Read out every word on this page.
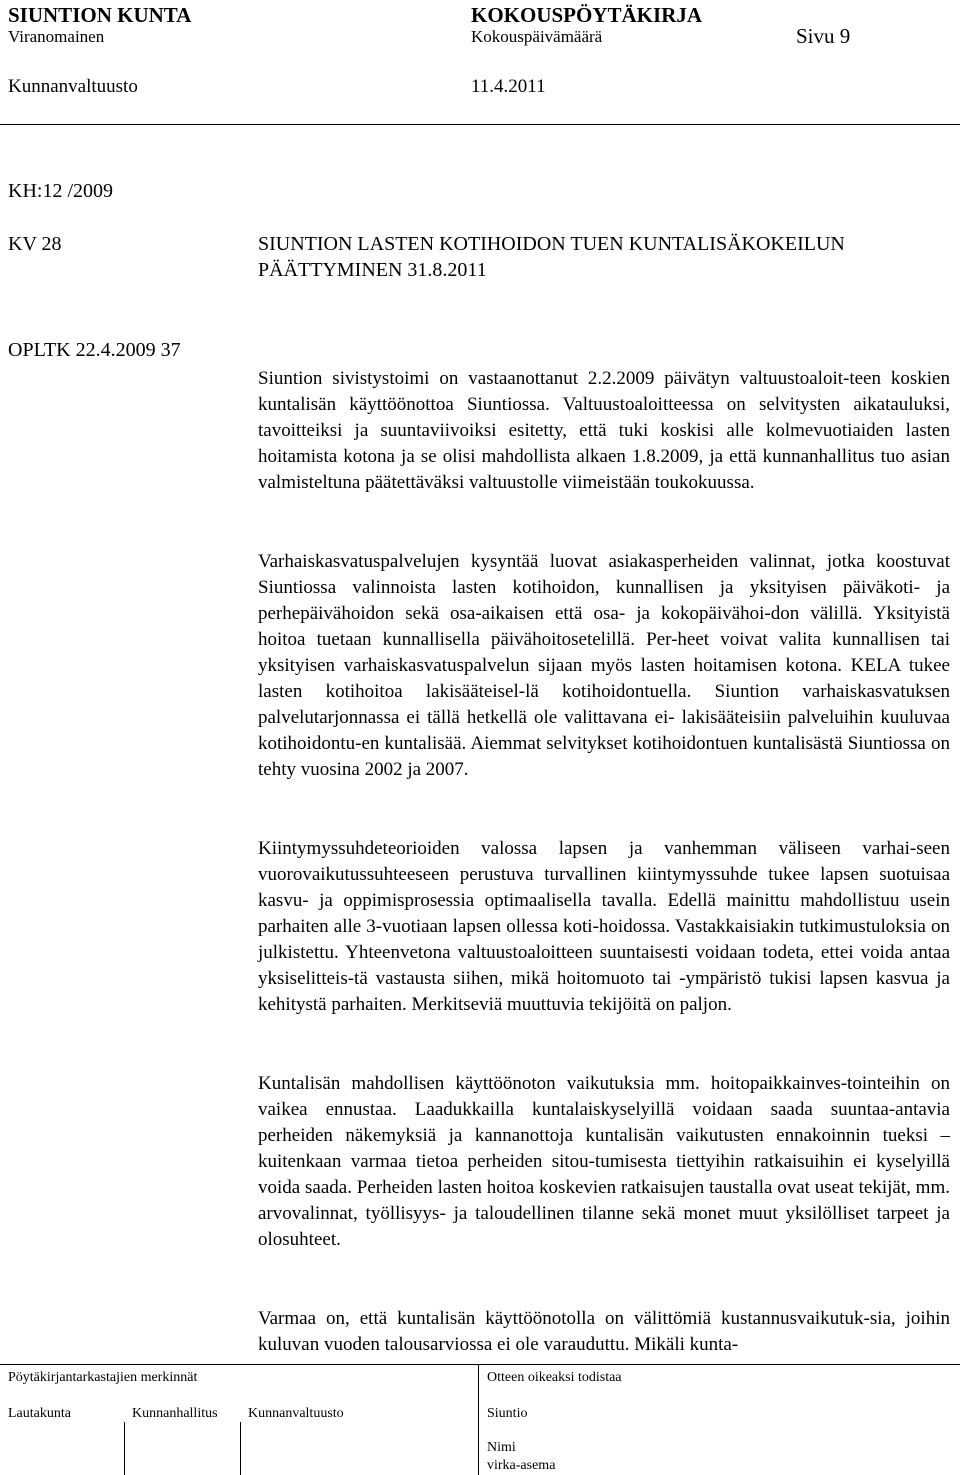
SIUNTION KUNTA
Viranomainen
KOKOUSPÖYTÄKIRJA
Kokouspäivämäärä	Sivu 9
Kunnanvaltuusto	11.4.2011
KH:12 /2009
KV 28	SIUNTION LASTEN KOTIHOIDON TUEN KUNTALISÄKOKEILUN
PÄÄTTYMINEN 31.8.2011
OPLTK 22.4.2009 37

Siuntion sivistystoimi on vastaanottanut 2.2.2009 päivätyn valtuustoaloit-teen koskien kuntalisän käyttöönottoa Siuntiossa. Valtuustoaloitteessa on selvitysten aikatauluksi, tavoitteiksi ja suuntaviivoiksi esitetty, että tuki koskisi alle kolmevuotiaiden lasten hoitamista kotona ja se olisi mahdollista alkaen 1.8.2009, ja että kunnanhallitus tuo asian valmisteltuna päätettäväksi valtuustolle viimeistään toukokuussa.

Varhaiskasvatuspalvelujen kysyntää luovat asiakasperheiden valinnat, jotka koostuvat Siuntiossa valinnoista lasten kotihoidon, kunnallisen ja yksityisen päiväkoti- ja perhepäivähoidon sekä osa-aikaisen että osa- ja kokopäivähoi-don välillä. Yksityistä hoitoa tuetaan kunnallisella päivähoitosetelillä. Per-heet voivat valita kunnallisen tai yksityisen varhaiskasvatuspalvelun sijaan myös lasten hoitamisen kotona. KELA tukee lasten kotihoitoa lakisääteisel-lä kotihoidontuella. Siuntion varhaiskasvatuksen palvelutarjonnassa ei tällä hetkellä ole valittavana ei- lakisääteisiin palveluihin kuuluvaa kotihoidontu-en kuntalisää. Aiemmat selvitykset kotihoidontuen kuntalisästä Siuntiossa on tehty vuosina 2002 ja 2007.

Kiintymyssuhdeteorioiden valossa lapsen ja vanhemman väliseen varhai-seen vuorovaikutussuhteeseen perustuva turvallinen kiintymyssuhde tukee lapsen suotuisaa kasvu- ja oppimisprosessia optimaalisella tavalla. Edellä mainittu mahdollistuu usein parhaiten alle 3-vuotiaan lapsen ollessa koti-hoidossa. Vastakkaisiakin tutkimustuloksia on julkistettu. Yhteenvetona valtuustoaloitteen suuntaisesti voidaan todeta, ettei voida antaa yksiselitteis-tä vastausta siihen, mikä hoitomuoto tai -ympäristö tukisi lapsen kasvua ja kehitystä parhaiten. Merkitseviä muuttuvia tekijöitä on paljon.

Kuntalisän mahdollisen käyttöönoton vaikutuksia mm. hoitopaikkainves-tointeihin on vaikea ennustaa. Laadukkailla kuntalaiskyselyillä voidaan saada suuntaa-antavia perheiden näkemyksiä ja kannanottoja kuntalisän vaikutusten ennakoinnin tueksi – kuitenkaan varmaa tietoa perheiden sitou-tumisesta tiettyihin ratkaisuihin ei kyselyillä voida saada. Perheiden lasten hoitoa koskevien ratkaisujen taustalla ovat useat tekijät, mm. arvovalinnat, työllisyys- ja taloudellinen tilanne sekä monet muut yksilölliset tarpeet ja olosuhteet.

Varmaa on, että kuntalisän käyttöönotolla on välittömiä kustannusvaikutuk-sia, joihin kuluvan vuoden talousarviossa ei ole varauduttu. Mikäli kunta-

Pöytäkirjantarkastajien merkinnät	Otteen oikeaksi todistaa
Lautakunta	Kunnanhallitus Kunnanvaltuusto	Siuntio
Nimi
virka-asema
